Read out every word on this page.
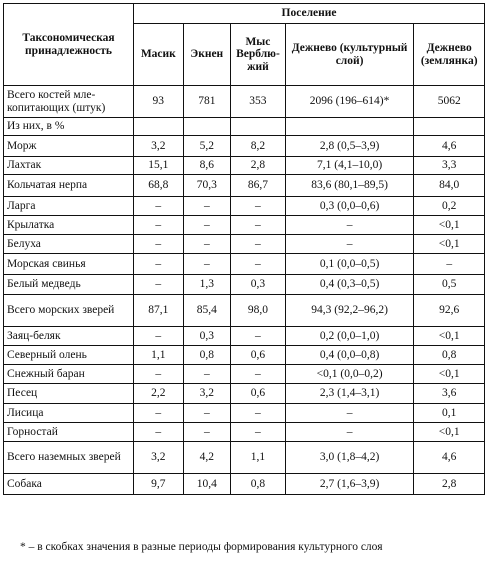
Таксономическая принадлежность	Поселение				
	Масик	Экнен	Мыс Верблюжий	Дежнево (культурный слой)	Дежнево (землянка)
Всего костей млекопитающих (штук)	93	781	353	2096 (196–614)*	5062
Из них, в %					
Морж	3,2	5,2	8,2	2,8 (0,5–3,9)	4,6
Лахтак	15,1	8,6	2,8	7,1 (4,1–10,0)	3,3
Кольчатая нерпа	68,8	70,3	86,7	83,6 (80,1–89,5)	84,0
Ларга	–	–	–	0,3 (0,0–0,6)	0,2
Крылатка	–	–	–	–	<0,1
Белуха	–	–	–	–	<0,1
Морская свинья	–	–	–	0,1 (0,0–0,5)	–
Белый медведь	–	1,3	0,3	0,4 (0,3–0,5)	0,5
Всего морских зверей	87,1	85,4	98,0	94,3 (92,2–96,2)	92,6
Заяц-беляк	–	0,3	–	0,2 (0,0–1,0)	<0,1
Северный олень	1,1	0,8	0,6	0,4 (0,0–0,8)	0,8
Снежный баран	–	–	–	<0,1 (0,0–0,2)	<0,1
Песец	2,2	3,2	0,6	2,3 (1,4–3,1)	3,6
Лисица	–	–	–	–	0,1
Горностай	–	–	–	–	<0,1
Всего наземных зверей	3,2	4,2	1,1	3,0 (1,8–4,2)	4,6
Собака	9,7	10,4	0,8	2,7 (1,6–3,9)	2,8
* – в скобках значения в разные периоды формирования культурного слоя
